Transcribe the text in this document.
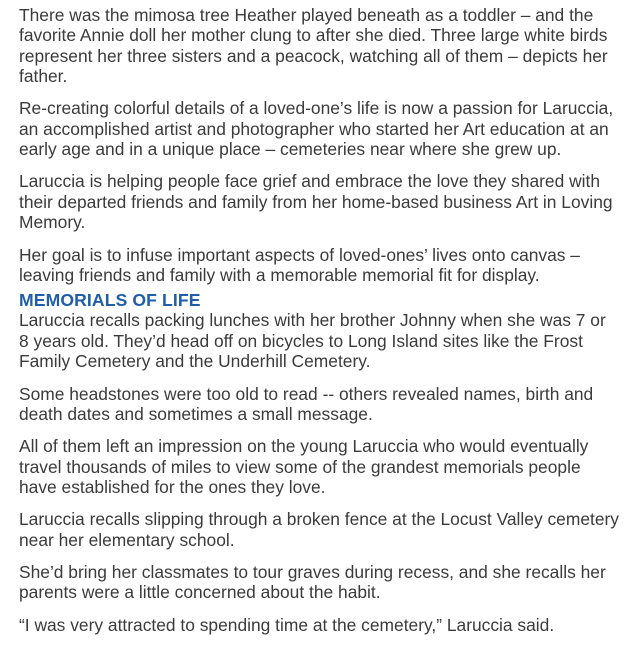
There was the mimosa tree Heather played beneath as a toddler – and the favorite Annie doll her mother clung to after she died. Three large white birds represent her three sisters and a peacock, watching all of them – depicts her father.

Re-creating colorful details of a loved-one’s life is now a passion for Laruccia, an accomplished artist and photographer who started her Art education at an early age and in a unique place – cemeteries near where she grew up.

Laruccia is helping people face grief and embrace the love they shared with their departed friends and family from her home-based business Art in Loving Memory.

Her goal is to infuse important aspects of loved-ones’ lives onto canvas – leaving friends and family with a memorable memorial fit for display.

MEMORIALS OF LIFE

Laruccia recalls packing lunches with her brother Johnny when she was 7 or 8 years old. They’d head off on bicycles to Long Island sites like the Frost Family Cemetery and the Underhill Cemetery.

Some headstones were too old to read -- others revealed names, birth and death dates and sometimes a small message.

All of them left an impression on the young Laruccia who would eventually travel thousands of miles to view some of the grandest memorials people have established for the ones they love.

Laruccia recalls slipping through a broken fence at the Locust Valley cemetery near her elementary school.

She’d bring her classmates to tour graves during recess, and she recalls her parents were a little concerned about the habit.

“I was very attracted to spending time at the cemetery,” Laruccia said.
